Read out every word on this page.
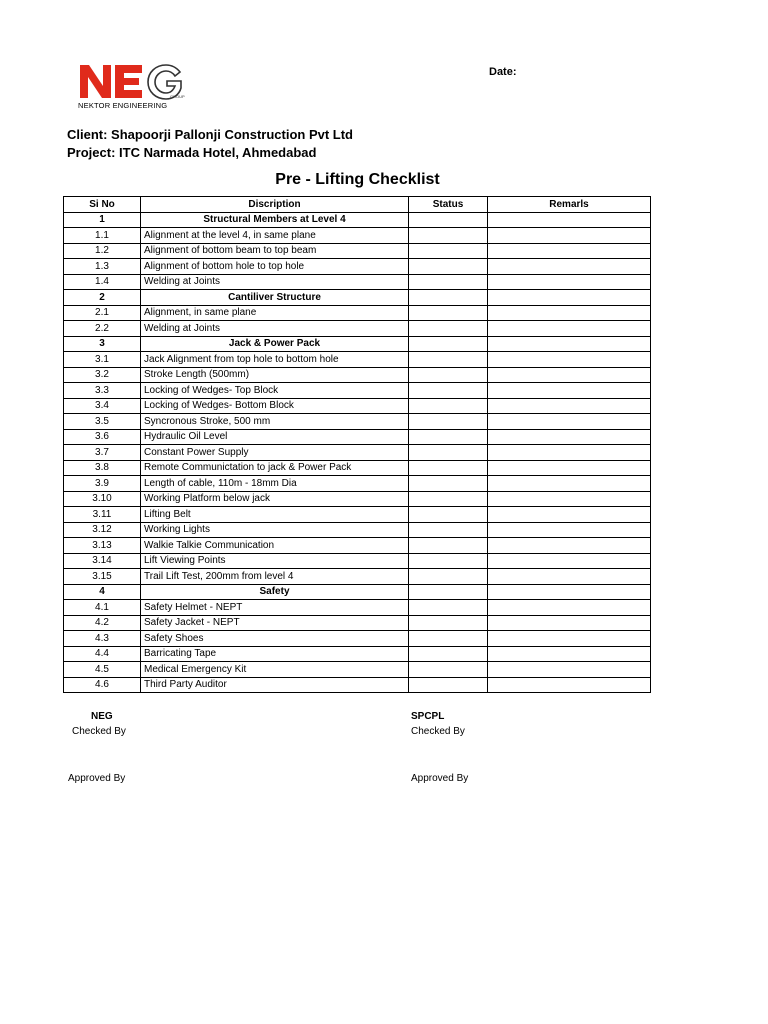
GROUP
NEKTOR ENGINEERING
Date:
Client: Shapoorji Pallonji Construction Pvt Ltd
Project: ITC Narmada Hotel, Ahmedabad
Pre - Lifting Checklist
Si No	Discription	Status	Remarls
1	Structural Members at Level 4		
1.1	Alignment at the level 4, in same plane		
1.2	Alignment of bottom beam to top beam		
1.3	Alignment of bottom hole to top hole		
1.4	Welding at Joints		
2	Cantiliver Structure		
2.1	Alignment, in same plane		
2.2	Welding at Joints		
3	Jack & Power Pack		
3.1	Jack Alignment from top hole to bottom hole		
3.2	Stroke Length (500mm)		
3.3	Locking of Wedges- Top Block		
3.4	Locking of Wedges- Bottom Block		
3.5	Syncronous Stroke, 500 mm		
3.6	Hydraulic Oil Level		
3.7	Constant Power Supply		
3.8	Remote Communictation to jack & Power Pack		
3.9	Length of cable, 110m - 18mm Dia		
3.10	Working Platform below jack		
3.11	Lifting Belt		
3.12	Working Lights		
3.13	Walkie Talkie Communication		
3.14	Lift Viewing Points		
3.15	Trail Lift Test, 200mm from level 4		
4	Safety		
4.1	Safety Helmet - NEPT		
4.2	Safety Jacket - NEPT		
4.3	Safety Shoes		
4.4	Barricating Tape		
4.5	Medical Emergency Kit		
4.6	Third Party Auditor		
NEG
Checked By
Approved By
SPCPL
Checked By
Approved By
